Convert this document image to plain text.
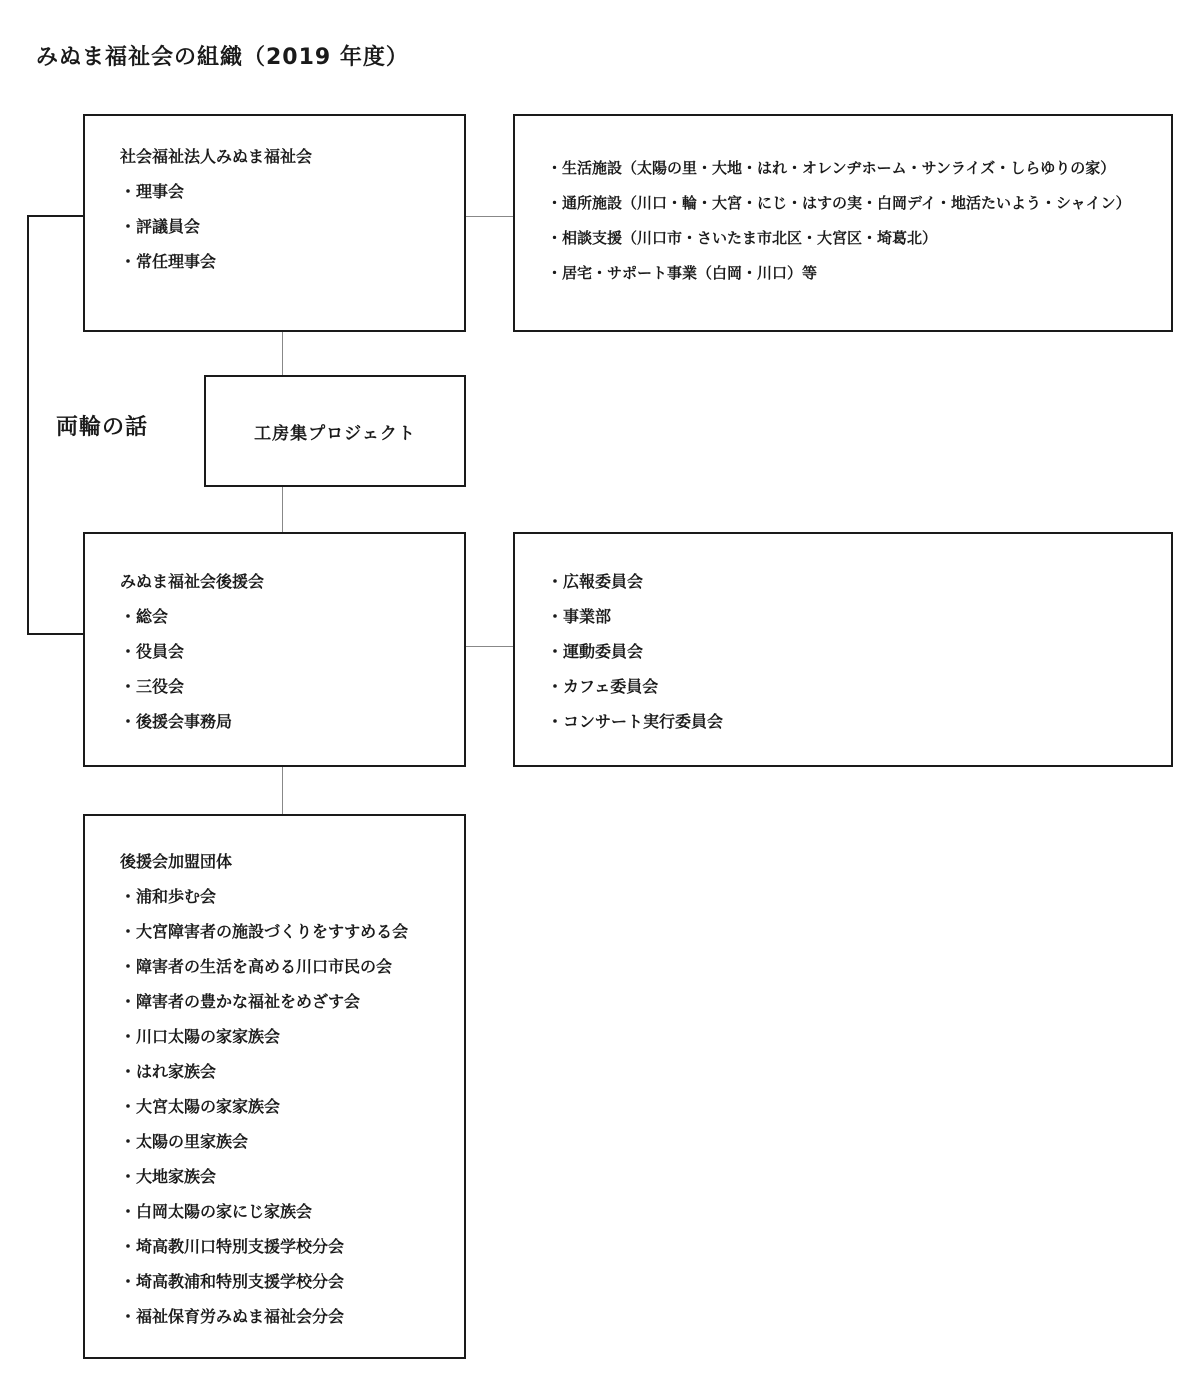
みぬま福祉会の組織（2019 年度）
両輪の話
社会福祉法人みぬま福祉会
・理事会
・評議員会
・常任理事会
・生活施設（太陽の里・大地・はれ・オレンヂホーム・サンライズ・しらゆりの家）
・通所施設（川口・輪・大宮・にじ・はすの実・白岡デイ・地活たいよう・シャイン）
・相談支援（川口市・さいたま市北区・大宮区・埼葛北）
・居宅・サポート事業（白岡・川口）等
工房集プロジェクト
みぬま福祉会後援会
・総会
・役員会
・三役会
・後援会事務局
・広報委員会
・事業部
・運動委員会
・カフェ委員会
・コンサート実行委員会
後援会加盟団体
・浦和歩む会
・大宮障害者の施設づくりをすすめる会
・障害者の生活を高める川口市民の会
・障害者の豊かな福祉をめざす会
・川口太陽の家家族会
・はれ家族会
・大宮太陽の家家族会
・太陽の里家族会
・大地家族会
・白岡太陽の家にじ家族会
・埼高教川口特別支援学校分会
・埼高教浦和特別支援学校分会
・福祉保育労みぬま福祉会分会
